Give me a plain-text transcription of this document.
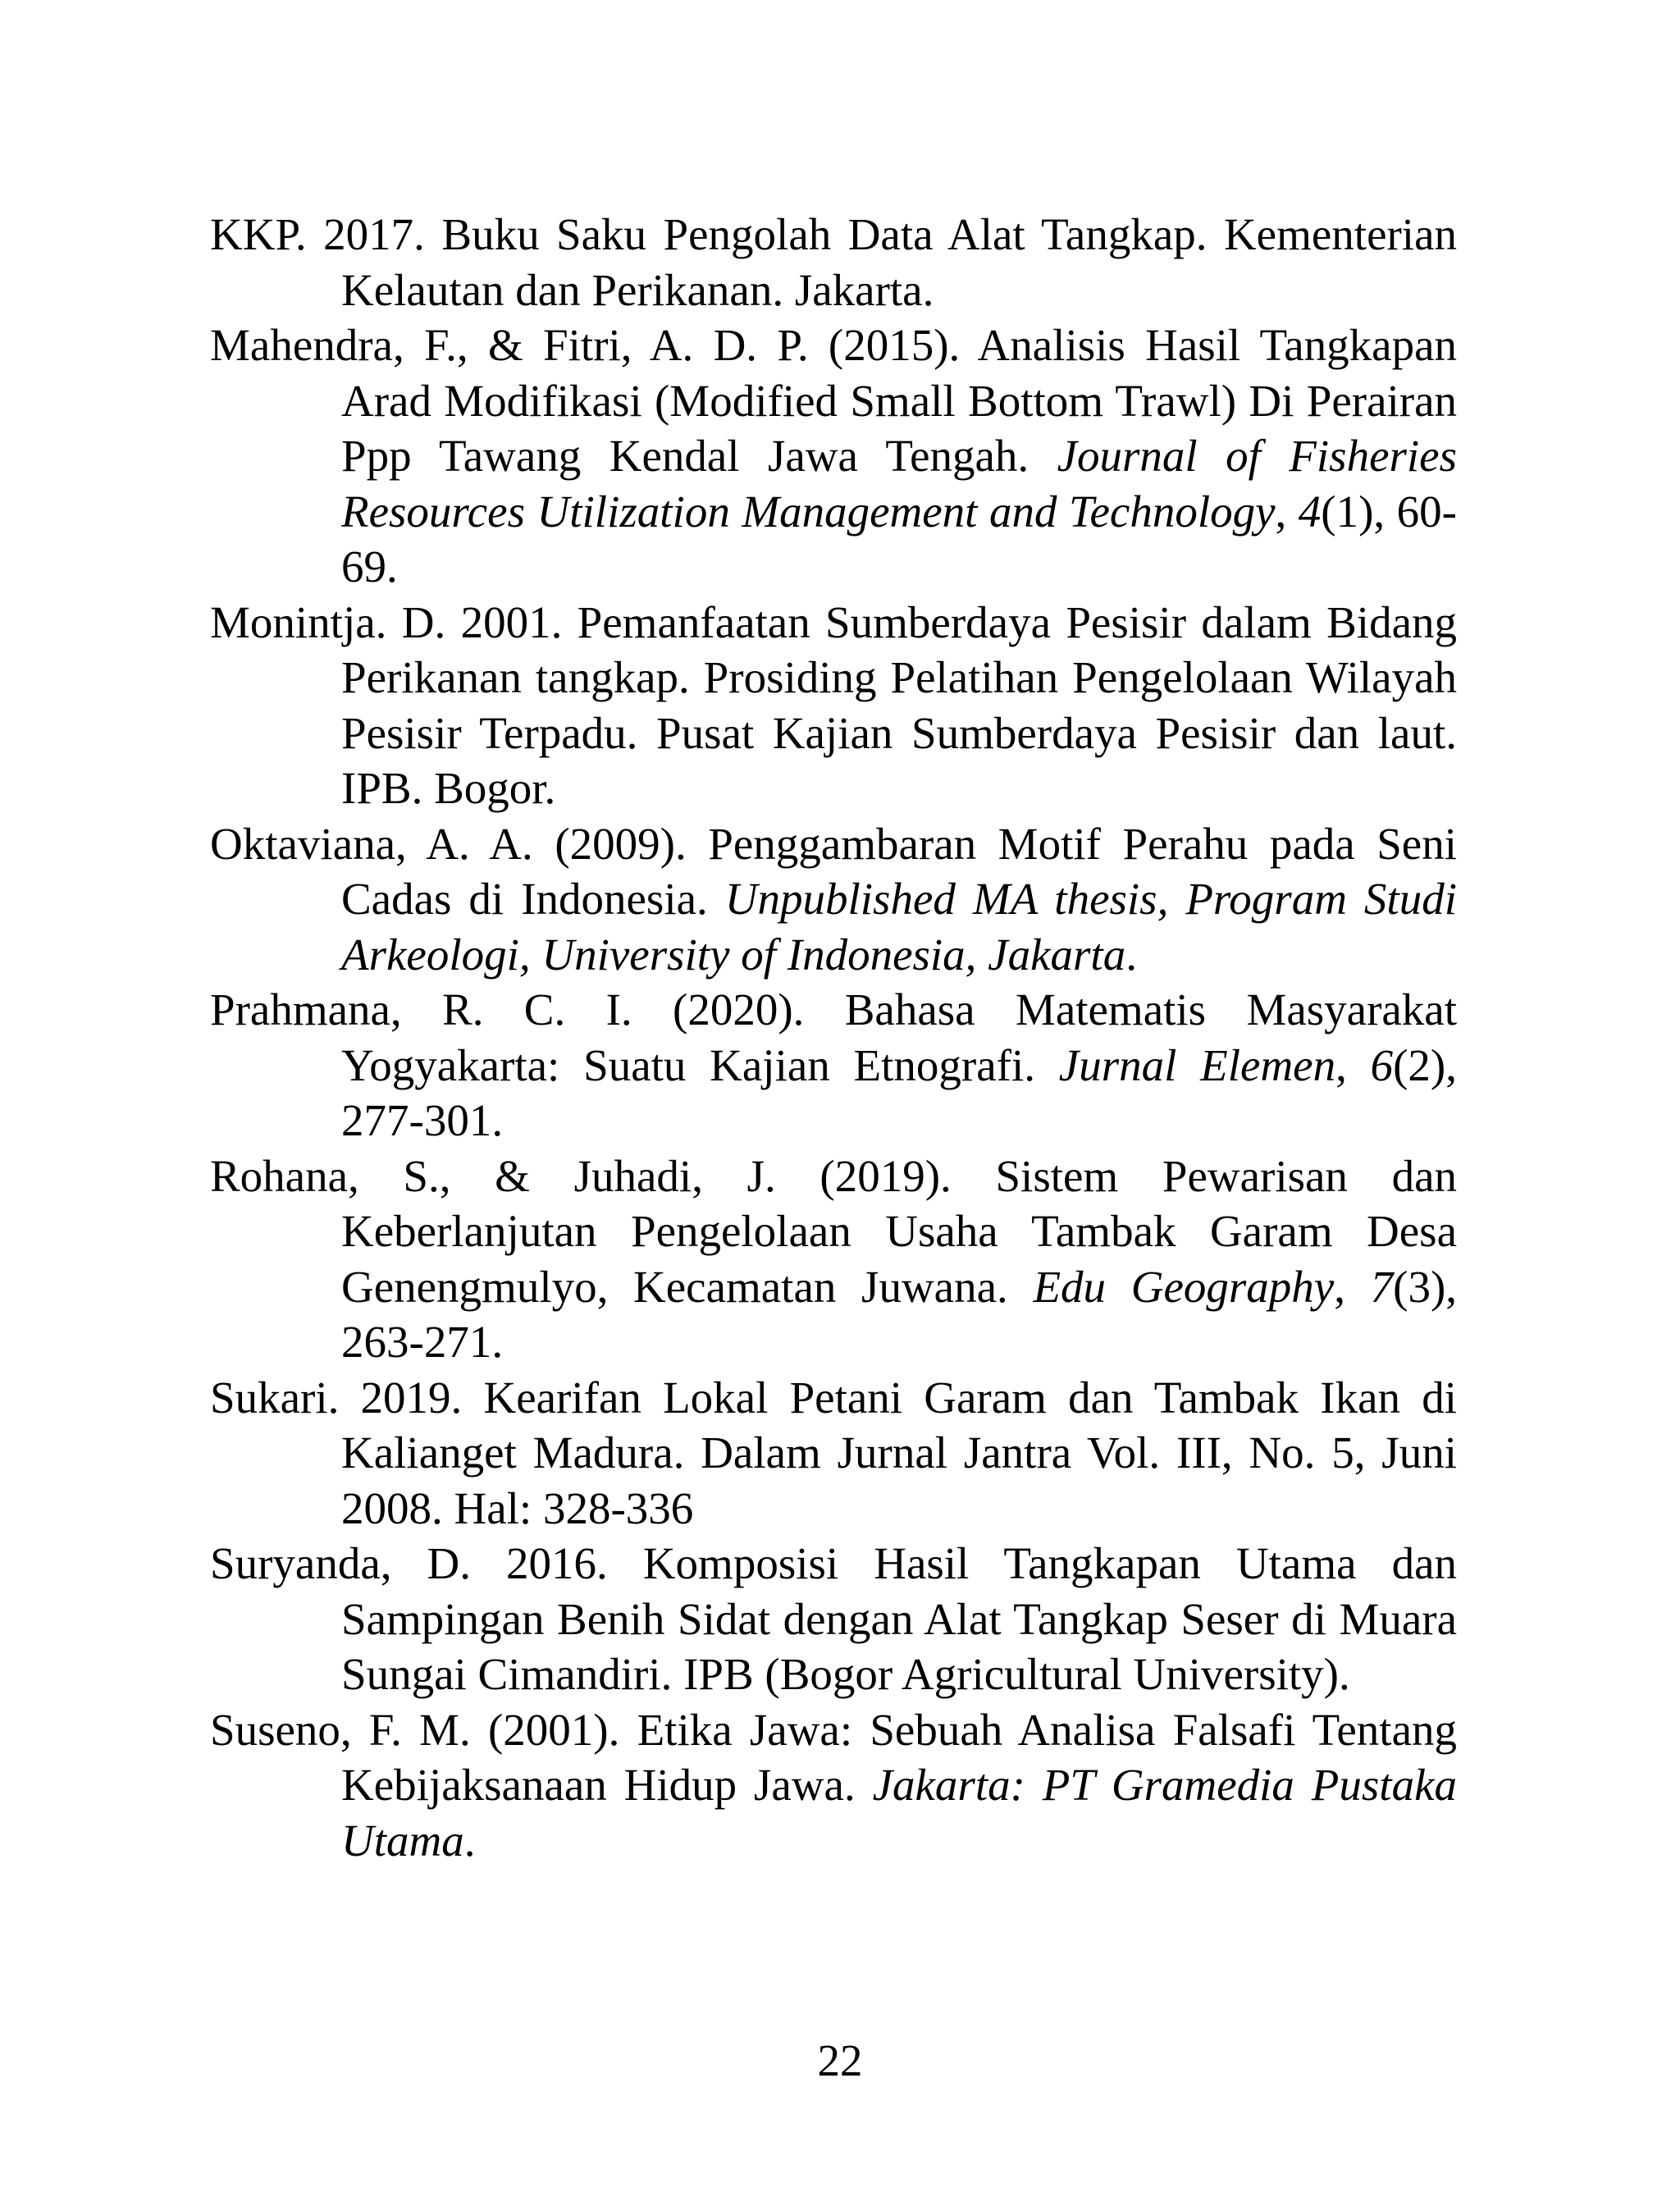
KKP. 2017. Buku Saku Pengolah Data Alat Tangkap. Kementerian Kelautan dan Perikanan. Jakarta.
Mahendra, F., & Fitri, A. D. P. (2015). Analisis Hasil Tangkapan Arad Modifikasi (Modified Small Bottom Trawl) Di Perairan Ppp Tawang Kendal Jawa Tengah. Journal of Fisheries Resources Utilization Management and Technology, 4(1), 60-69.
Monintja. D. 2001. Pemanfaatan Sumberdaya Pesisir dalam Bidang Perikanan tangkap. Prosiding Pelatihan Pengelolaan Wilayah Pesisir Terpadu. Pusat Kajian Sumberdaya Pesisir dan laut. IPB. Bogor.
Oktaviana, A. A. (2009). Penggambaran Motif Perahu pada Seni Cadas di Indonesia. Unpublished MA thesis, Program Studi Arkeologi, University of Indonesia, Jakarta.
Prahmana, R. C. I. (2020). Bahasa Matematis Masyarakat Yogyakarta: Suatu Kajian Etnografi. Jurnal Elemen, 6(2), 277-301.
Rohana, S., & Juhadi, J. (2019). Sistem Pewarisan dan Keberlanjutan Pengelolaan Usaha Tambak Garam Desa Genengmulyo, Kecamatan Juwana. Edu Geography, 7(3), 263-271.
Sukari. 2019. Kearifan Lokal Petani Garam dan Tambak Ikan di Kalianget Madura. Dalam Jurnal Jantra Vol. III, No. 5, Juni 2008. Hal: 328-336
Suryanda, D. 2016. Komposisi Hasil Tangkapan Utama dan Sampingan Benih Sidat dengan Alat Tangkap Seser di Muara Sungai Cimandiri. IPB (Bogor Agricultural University).
Suseno, F. M. (2001). Etika Jawa: Sebuah Analisa Falsafi Tentang Kebijaksanaan Hidup Jawa. Jakarta: PT Gramedia Pustaka Utama.
22
